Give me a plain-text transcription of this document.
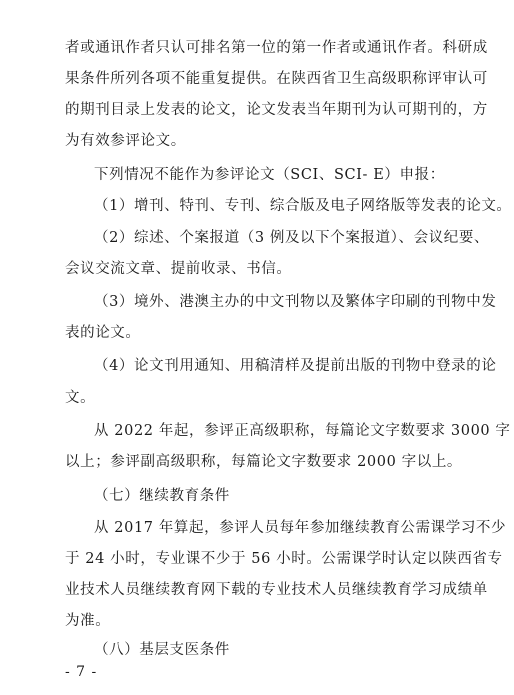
者或通讯作者只认可排名第一位的第一作者或通讯作者。科研成
果条件所列各项不能重复提供。在陕西省卫生高级职称评审认可
的期刊目录上发表的论文，论文发表当年期刊为认可期刊的，方
为有效参评论文。
下列情况不能作为参评论文（SCI、SCI- E）申报：
（1）增刊、特刊、专刊、综合版及电子网络版等发表的论文。
（2）综述、个案报道（3 例及以下个案报道）、会议纪要、
会议交流文章、提前收录、书信。
（3）境外、港澳主办的中文刊物以及繁体字印刷的刊物中发
表的论文。
（4）论文刊用通知、用稿清样及提前出版的刊物中登录的论
文。
从 2022 年起，参评正高级职称，每篇论文字数要求 3000 字
以上；参评副高级职称，每篇论文字数要求 2000 字以上。
（七）继续教育条件
从 2017 年算起，参评人员每年参加继续教育公需课学习不少
于 24 小时，专业课不少于 56 小时。公需课学时认定以陕西省专
业技术人员继续教育网下载的专业技术人员继续教育学习成绩单
为准。
（八）基层支医条件
- 7 -
